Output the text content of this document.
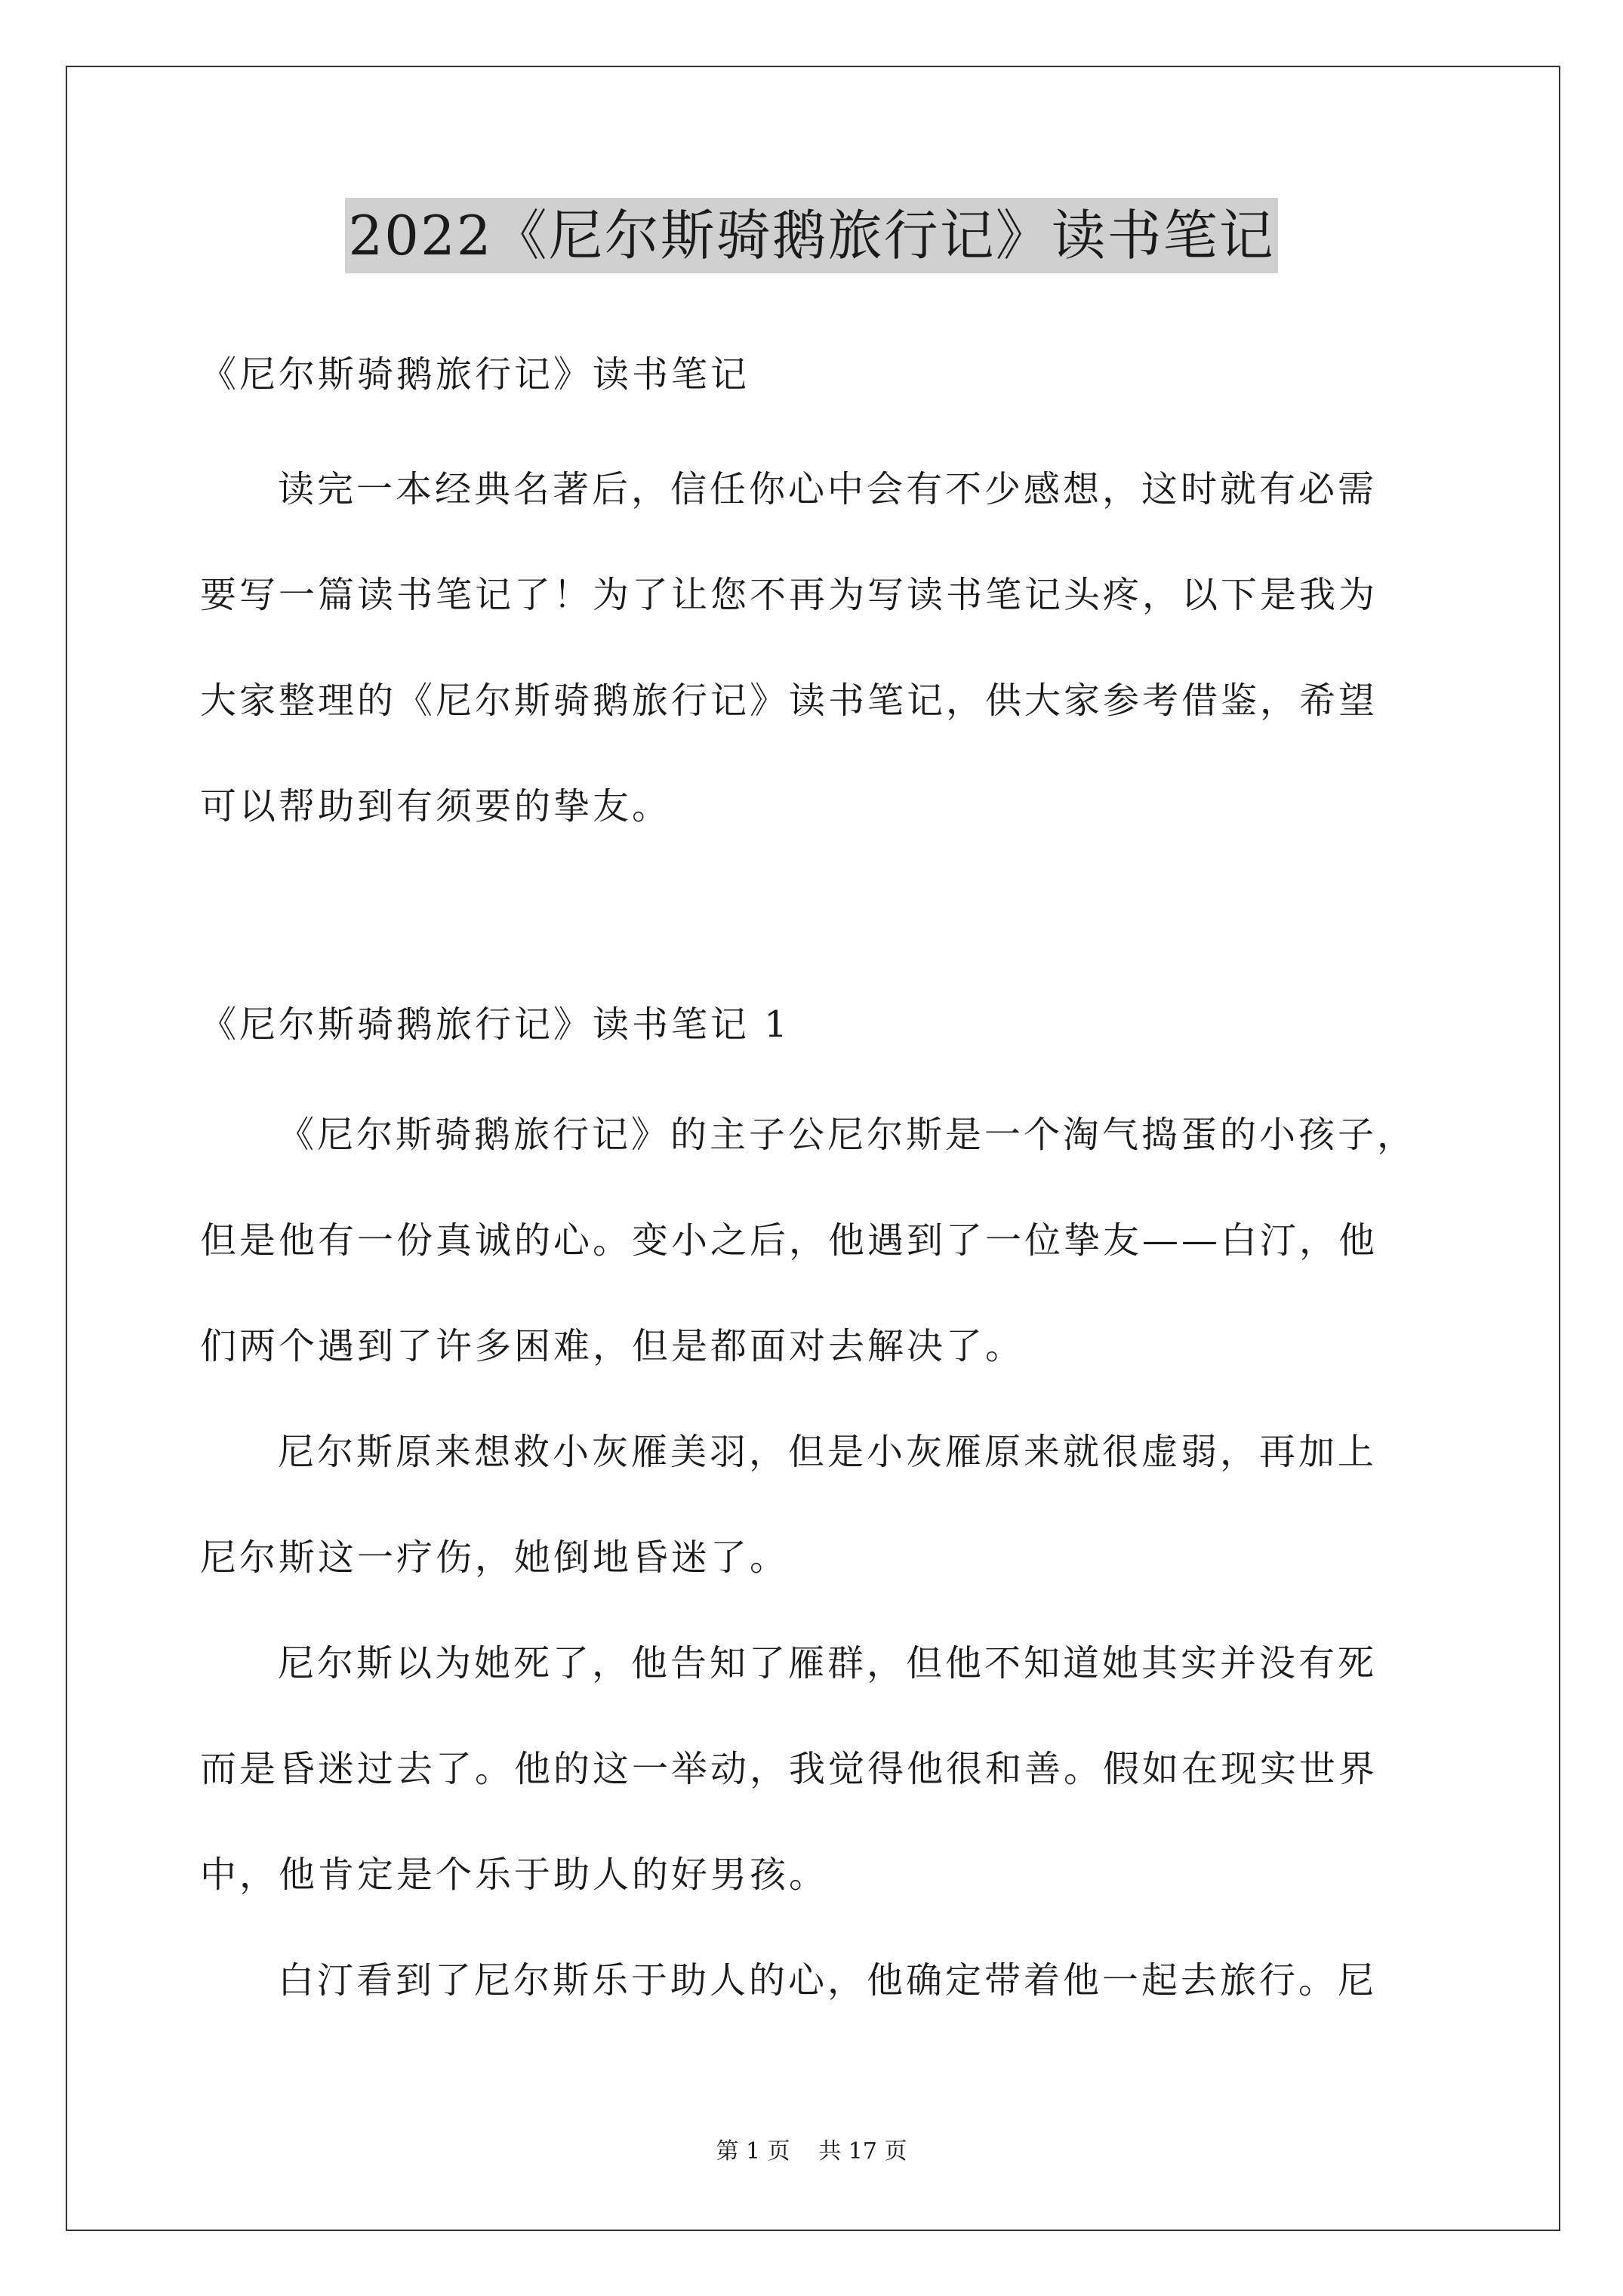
2022《尼尔斯骑鹅旅行记》读书笔记
《尼尔斯骑鹅旅行记》读书笔记
读完一本经典名著后，信任你心中会有不少感想，这时就有必需
要写一篇读书笔记了！为了让您不再为写读书笔记头疼，以下是我为
大家整理的《尼尔斯骑鹅旅行记》读书笔记，供大家参考借鉴，希望
可以帮助到有须要的挚友。
《尼尔斯骑鹅旅行记》读书笔记 1
《尼尔斯骑鹅旅行记》的主子公尼尔斯是一个淘气捣蛋的小孩子，
但是他有一份真诚的心。变小之后，他遇到了一位挚友——白汀，他
们两个遇到了许多困难，但是都面对去解决了。
尼尔斯原来想救小灰雁美羽，但是小灰雁原来就很虚弱，再加上
尼尔斯这一疗伤，她倒地昏迷了。
尼尔斯以为她死了，他告知了雁群，但他不知道她其实并没有死
而是昏迷过去了。他的这一举动，我觉得他很和善。假如在现实世界
中，他肯定是个乐于助人的好男孩。
白汀看到了尼尔斯乐于助人的心，他确定带着他一起去旅行。尼
第 1 页 共 17 页
